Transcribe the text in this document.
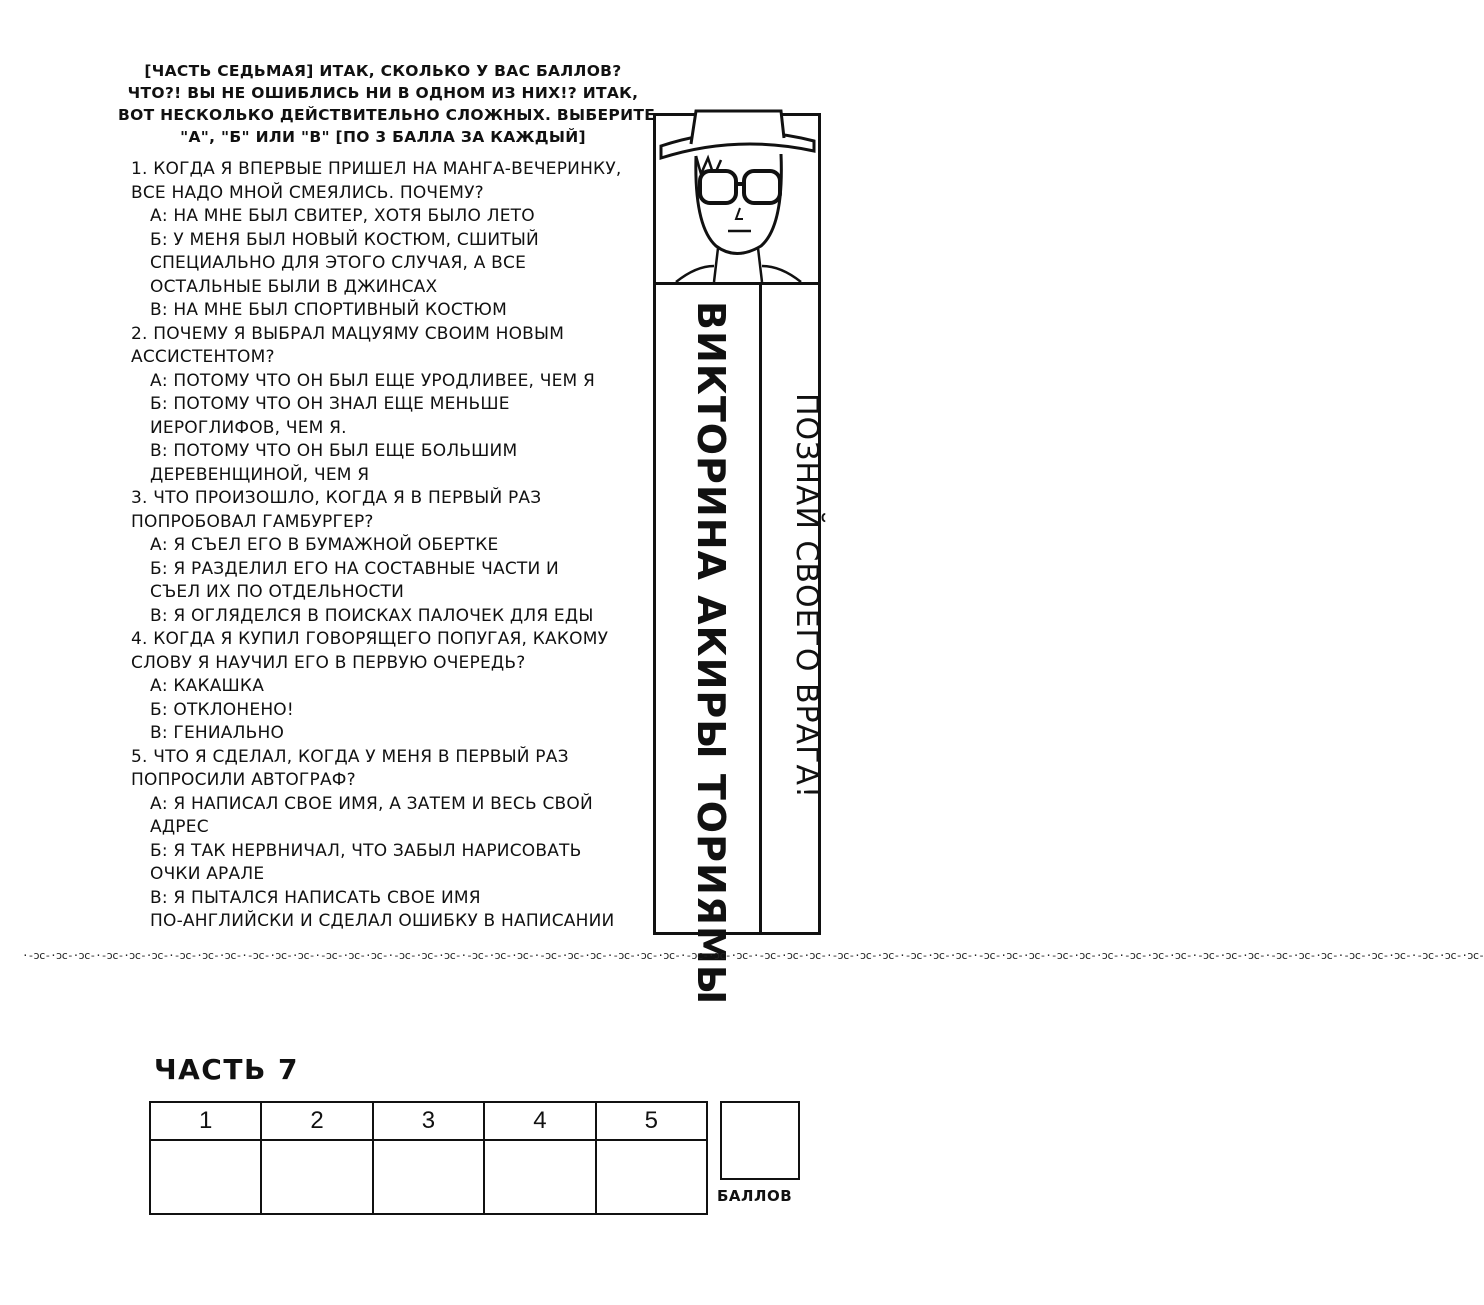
[ЧАСТЬ СЕДЬМАЯ] ИТАК, СКОЛЬКО У ВАС БАЛЛОВ?
ЧТО?! ВЫ НЕ ОШИБЛИСЬ НИ В ОДНОМ ИЗ НИХ!? ИТАК,
ВОТ НЕСКОЛЬКО ДЕЙСТВИТЕЛЬНО СЛОЖНЫХ. ВЫБЕРИТЕ
"А", "Б" ИЛИ "В" [ПО 3 БАЛЛА ЗА КАЖДЫЙ]
1. КОГДА Я ВПЕРВЫЕ ПРИШЕЛ НА МАНГА-ВЕЧЕРИНКУ,
ВСЕ НАДО МНОЙ СМЕЯЛИСЬ. ПОЧЕМУ?
А: НА МНЕ БЫЛ СВИТЕР, ХОТЯ БЫЛО ЛЕТО
Б: У МЕНЯ БЫЛ НОВЫЙ КОСТЮМ, СШИТЫЙ
СПЕЦИАЛЬНО ДЛЯ ЭТОГО СЛУЧАЯ, А ВСЕ
ОСТАЛЬНЫЕ БЫЛИ В ДЖИНСАХ
В: НА МНЕ БЫЛ СПОРТИВНЫЙ КОСТЮМ
2. ПОЧЕМУ Я ВЫБРАЛ МАЦУЯМУ СВОИМ НОВЫМ
АССИСТЕНТОМ?
А: ПОТОМУ ЧТО ОН БЫЛ ЕЩЕ УРОДЛИВЕЕ, ЧЕМ Я
Б: ПОТОМУ ЧТО ОН ЗНАЛ ЕЩЕ МЕНЬШЕ
ИЕРОГЛИФОВ, ЧЕМ Я.
В: ПОТОМУ ЧТО ОН БЫЛ ЕЩЕ БОЛЬШИМ
ДЕРЕВЕНЩИНОЙ, ЧЕМ Я
3. ЧТО ПРОИЗОШЛО, КОГДА Я В ПЕРВЫЙ РАЗ
ПОПРОБОВАЛ ГАМБУРГЕР?
А: Я СЪЕЛ ЕГО В БУМАЖНОЙ ОБЕРТКЕ
Б: Я РАЗДЕЛИЛ ЕГО НА СОСТАВНЫЕ ЧАСТИ И
СЪЕЛ ИХ ПО ОТДЕЛЬНОСТИ
В: Я ОГЛЯДЕЛСЯ В ПОИСКАХ ПАЛОЧЕК ДЛЯ ЕДЫ
4. КОГДА Я КУПИЛ ГОВОРЯЩЕГО ПОПУГАЯ, КАКОМУ
СЛОВУ Я НАУЧИЛ ЕГО В ПЕРВУЮ ОЧЕРЕДЬ?
А: КАКАШКА
Б: ОТКЛОНЕНО!
В: ГЕНИАЛЬНО
5. ЧТО Я СДЕЛАЛ, КОГДА У МЕНЯ В ПЕРВЫЙ РАЗ
ПОПРОСИЛИ АВТОГРАФ?
А: Я НАПИСАЛ СВОЕ ИМЯ, А ЗАТЕМ И ВЕСЬ СВОЙ
АДРЕС
Б: Я ТАК НЕРВНИЧАЛ, ЧТО ЗАБЫЛ НАРИСОВАТЬ
ОЧКИ АРАЛЕ
В: Я ПЫТАЛСЯ НАПИСАТЬ СВОЕ ИМЯ
ПО-АНГЛИЙСКИ И СДЕЛАЛ ОШИБКУ В НАПИСАНИИ	ВИКТОРИНА АКИРЫ ТОРИЯМЫ ПОЗНАЙ СВОЕГО ВРАГА!
·-ɔc-·ɔc-·ɔc-·-ɔc-·ɔc-·ɔc-·-ɔc-·ɔc-·ɔc-·-ɔc-·ɔc-·ɔc-·-ɔc-·ɔc-·ɔc-·-ɔc-·ɔc-·ɔc-·-ɔc-·ɔc-·ɔc-·-ɔc-·ɔc-·ɔc-·-ɔc-·ɔc-·ɔc-·-ɔc-·ɔc-·ɔc-·-ɔc-·ɔc-·ɔc-·-ɔc-·ɔc-·ɔc-·-ɔc-·ɔc-·ɔc-·-ɔc-·ɔc-·ɔc-·-ɔc-·ɔc-·ɔc-·-ɔc-·ɔc-·ɔc-·-ɔc-·ɔc-·ɔc-·-ɔc-·ɔc-·ɔc-·-ɔc-·ɔc-·ɔc-·-ɔc-·ɔc-·ɔc-
ЧАСТЬ 7
1	2	3	4	5

БАЛЛОВ
